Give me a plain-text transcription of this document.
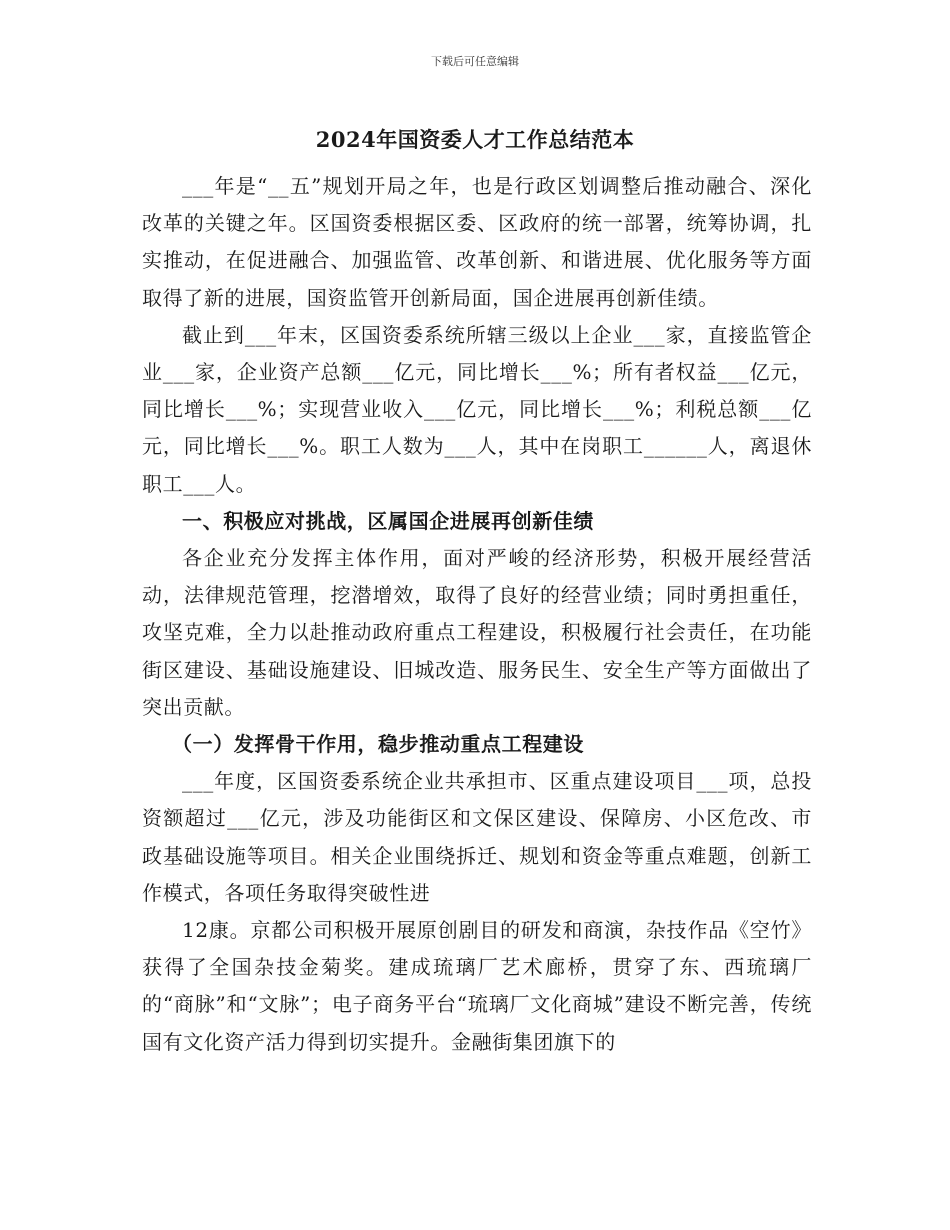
下载后可任意编辑
2024年国资委人才工作总结范本

___年是“__五”规划开局之年，也是行政区划调整后推动融合、深化改革的关键之年。区国资委根据区委、区政府的统一部署，统筹协调，扎实推动，在促进融合、加强监管、改革创新、和谐进展、优化服务等方面取得了新的进展，国资监管开创新局面，国企进展再创新佳绩。

截止到___年末，区国资委系统所辖三级以上企业___家，直接监管企业___家，企业资产总额___亿元，同比增长___%；所有者权益___亿元，同比增长___%；实现营业收入___亿元，同比增长___%；利税总额___亿元，同比增长___%。职工人数为___人，其中在岗职工______人，离退休职工___人。

一、积极应对挑战，区属国企进展再创新佳绩

各企业充分发挥主体作用，面对严峻的经济形势，积极开展经营活动，法律规范管理，挖潜增效，取得了良好的经营业绩；同时勇担重任，攻坚克难，全力以赴推动政府重点工程建设，积极履行社会责任，在功能街区建设、基础设施建设、旧城改造、服务民生、安全生产等方面做出了突出贡献。

（一）发挥骨干作用，稳步推动重点工程建设

___年度，区国资委系统企业共承担市、区重点建设项目___项，总投资额超过___亿元，涉及功能街区和文保区建设、保障房、小区危改、市政基础设施等项目。相关企业围绕拆迁、规划和资金等重点难题，创新工作模式，各项任务取得突破性进

12康。京都公司积极开展原创剧目的研发和商演，杂技作品《空竹》获得了全国杂技金菊奖。建成琉璃厂艺术廊桥，贯穿了东、西琉璃厂的“商脉”和“文脉”；电子商务平台“琉璃厂文化商城”建设不断完善，传统国有文化资产活力得到切实提升。金融街集团旗下的
